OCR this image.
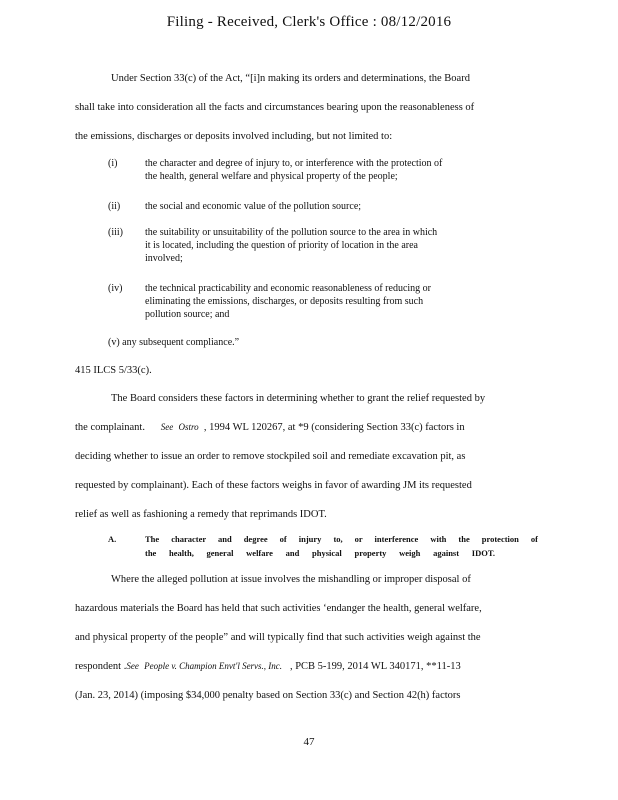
Filing - Received, Clerk's Office : 08/12/2016
Under Section 33(c) of the Act, “[i]n making its orders and determinations, the Board
shall take into consideration all the facts and circumstances bearing upon the reasonableness of
the emissions, discharges or deposits involved including, but not limited to:
(i)	the character and degree of injury to, or interference with the protection of
the health, general welfare and physical property of the people;
(ii)	the social and economic value of the pollution source;
(iii)	the suitability or unsuitability of the pollution source to the area in which
it is located, including the question of priority of location in the area
involved;
(iv)	the technical practicability and economic reasonableness of reducing or
eliminating the emissions, discharges, or deposits resulting from such
pollution source; and
(v) any subsequent compliance.”
415 ILCS 5/33(c).
The Board considers these factors in determining whether to grant the relief requested by
the complainant. See Ostro , 1994 WL 120267, at *9 (considering Section 33(c) factors in
deciding whether to issue an order to remove stockpiled soil and remediate excavation pit, as
requested by complainant). Each of these factors weighs in favor of awarding JM its requested
relief as well as fashioning a remedy that reprimands IDOT.
A.	The character and degree of injury to, or interference with the protection of
the health, general welfare and physical property weigh against IDOT.
Where the alleged pollution at issue involves the mishandling or improper disposal of
hazardous materials the Board has held that such activities ‘endanger the health, general welfare,
and physical property of the people” and will typically find that such activities weigh against the
respondent .See People v. Champion Envt'l Servs., Inc. , PCB 5-199, 2014 WL 340171, **11-13
(Jan. 23, 2014) (imposing $34,000 penalty based on Section 33(c) and Section 42(h) factors
47
